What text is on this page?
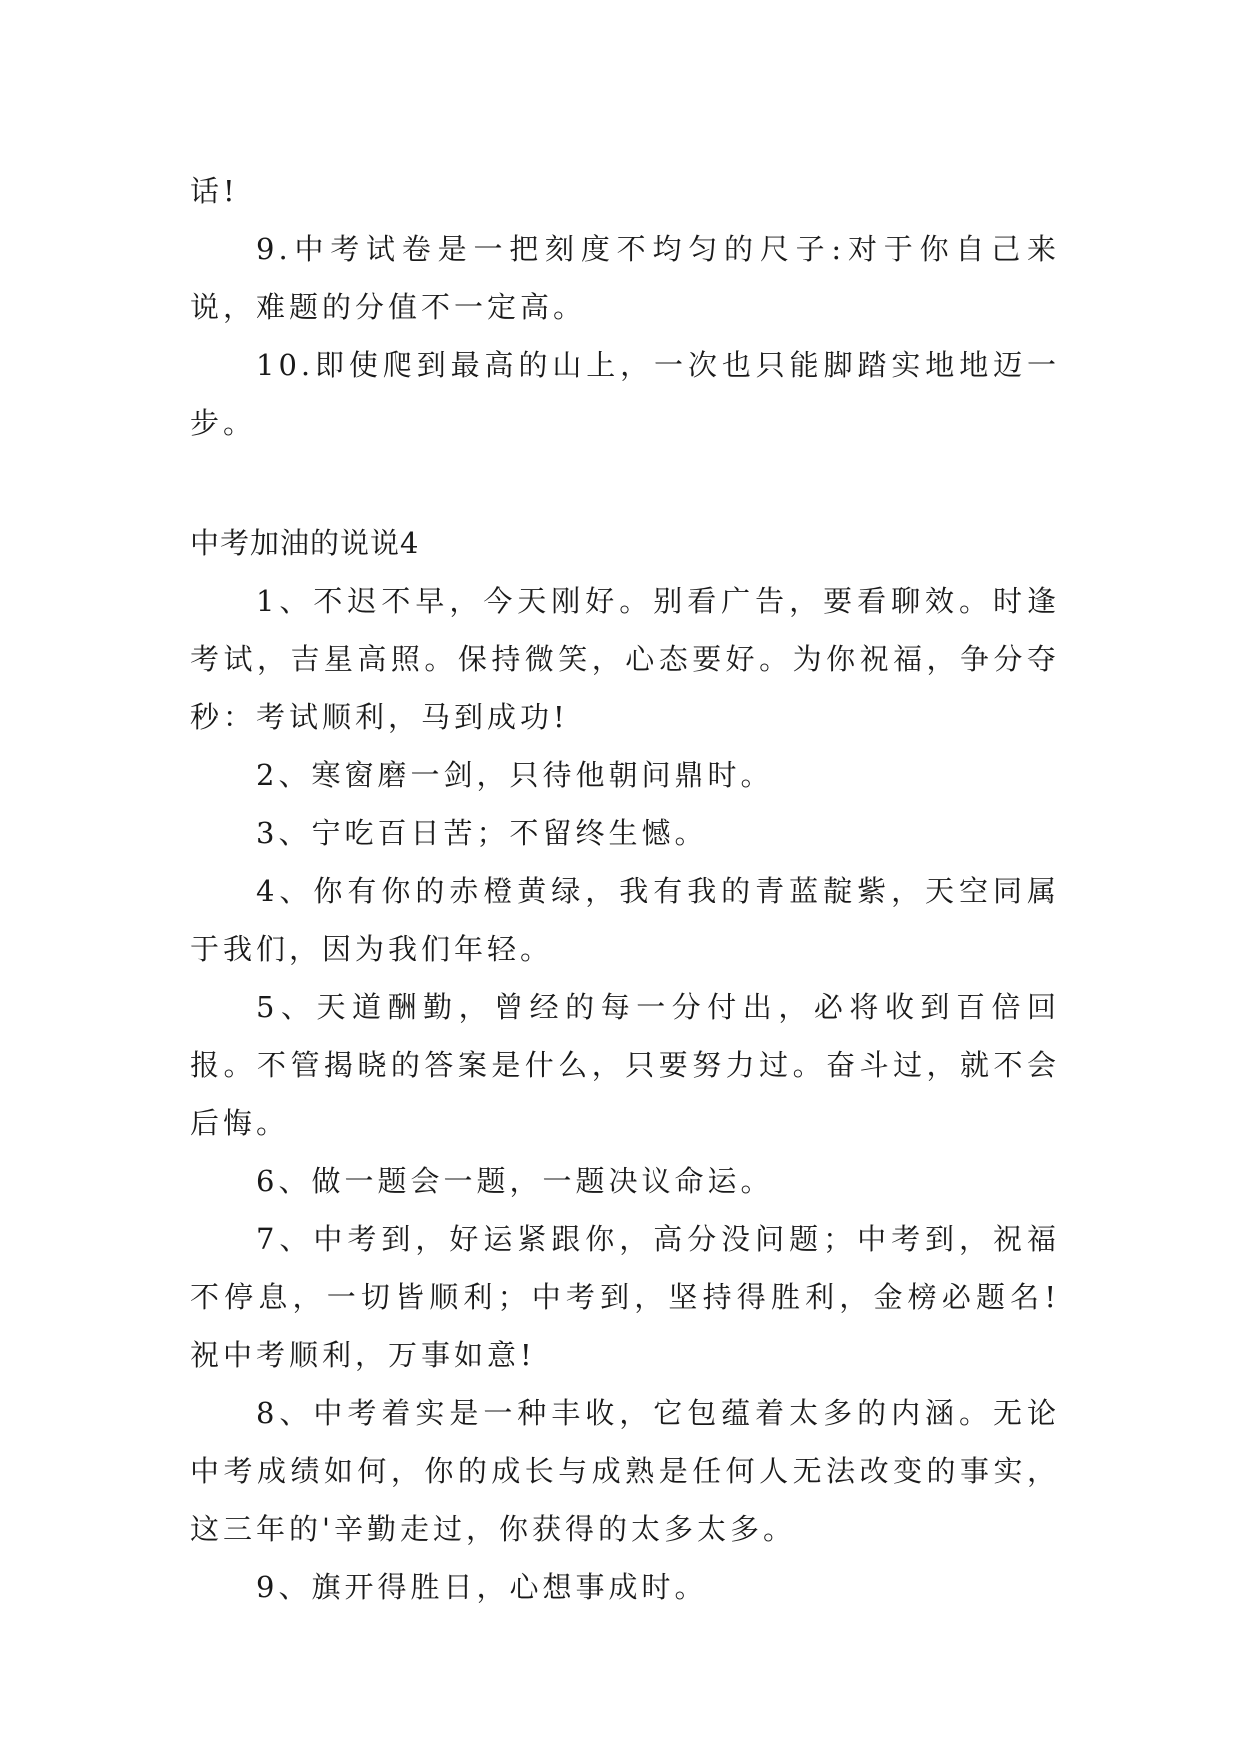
话!

9.中考试卷是一把刻度不均匀的尺子:对于你自己来说，难题的分值不一定高。

10.即使爬到最高的山上，一次也只能脚踏实地地迈一步。

中考加油的说说4

1、不迟不早，今天刚好。别看广告，要看聊效。时逢考试，吉星高照。保持微笑，心态要好。为你祝福，争分夺秒：考试顺利，马到成功!

2、寒窗磨一剑，只待他朝问鼎时。

3、宁吃百日苦；不留终生憾。

4、你有你的赤橙黄绿，我有我的青蓝靛紫，天空同属于我们，因为我们年轻。

5、天道酬勤，曾经的每一分付出，必将收到百倍回报。不管揭晓的答案是什么，只要努力过。奋斗过，就不会后悔。

6、做一题会一题，一题决议命运。

7、中考到，好运紧跟你，高分没问题；中考到，祝福不停息，一切皆顺利；中考到，坚持得胜利，金榜必题名!祝中考顺利，万事如意!

8、中考着实是一种丰收，它包蕴着太多的内涵。无论中考成绩如何，你的成长与成熟是任何人无法改变的事实，这三年的'辛勤走过，你获得的太多太多。

9、旗开得胜日，心想事成时。
